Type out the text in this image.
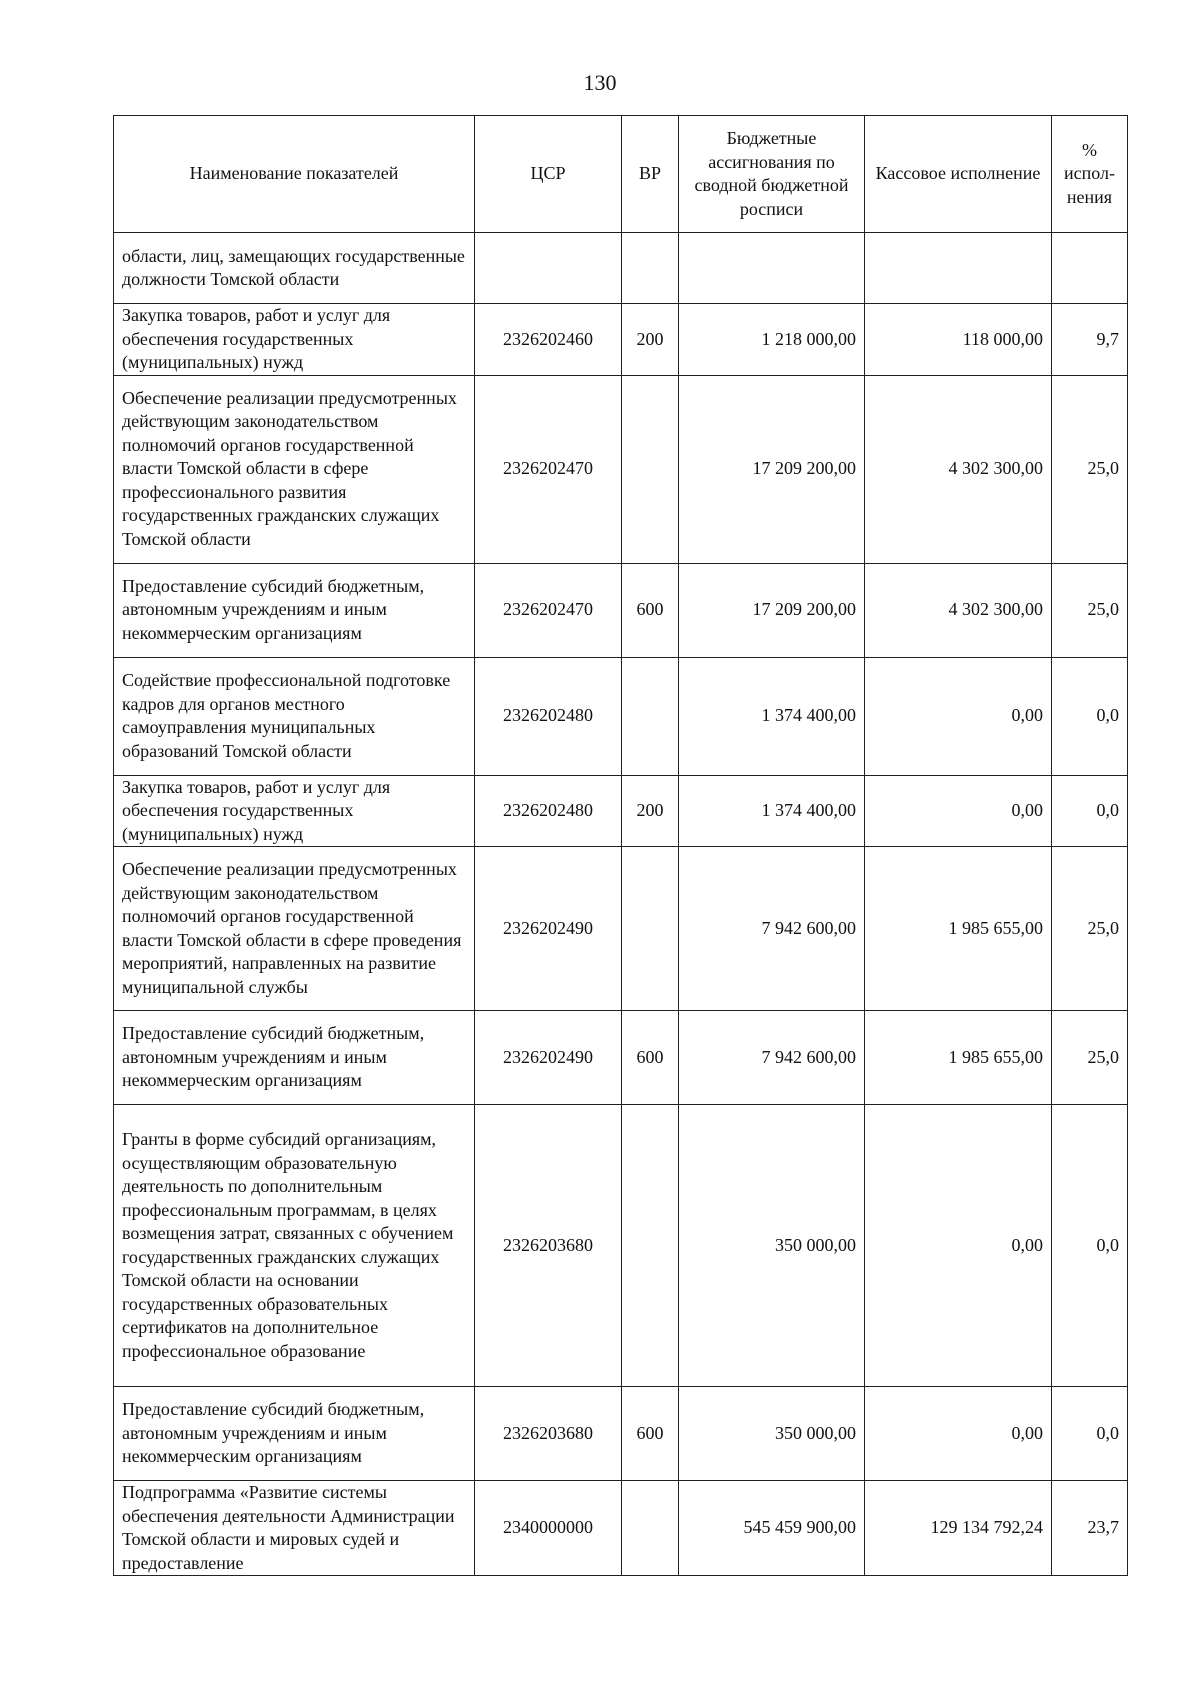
130
Наименование показателей	ЦСР	ВР	Бюджетные ассигнования по сводной бюджетной росписи	Кассовое исполнение	% испол-нения
области, лиц, замещающих государственные должности Томской области					
Закупка товаров, работ и услуг для обеспечения государственных (муниципальных) нужд	2326202460	200	1 218 000,00	118 000,00	9,7
Обеспечение реализации предусмотренных действующим законодательством полномочий органов государственной власти Томской области в сфере профессионального развития государственных гражданских служащих Томской области	2326202470		17 209 200,00	4 302 300,00	25,0
Предоставление субсидий бюджетным, автономным учреждениям и иным некоммерческим организациям	2326202470	600	17 209 200,00	4 302 300,00	25,0
Содействие профессиональной подготовке кадров для органов местного самоуправления муниципальных образований Томской области	2326202480		1 374 400,00	0,00	0,0
Закупка товаров, работ и услуг для обеспечения государственных (муниципальных) нужд	2326202480	200	1 374 400,00	0,00	0,0
Обеспечение реализации предусмотренных действующим законодательством полномочий органов государственной власти Томской области в сфере проведения мероприятий, направленных на развитие муниципальной службы	2326202490		7 942 600,00	1 985 655,00	25,0
Предоставление субсидий бюджетным, автономным учреждениям и иным некоммерческим организациям	2326202490	600	7 942 600,00	1 985 655,00	25,0
Гранты в форме субсидий организациям, осуществляющим образовательную деятельность по дополнительным профессиональным программам, в целях возмещения затрат, связанных с обучением государственных гражданских служащих Томской области на основании государственных образовательных сертификатов на дополнительное профессиональное образование	2326203680		350 000,00	0,00	0,0
Предоставление субсидий бюджетным, автономным учреждениям и иным некоммерческим организациям	2326203680	600	350 000,00	0,00	0,0
Подпрограмма «Развитие системы обеспечения деятельности Администрации Томской области и мировых судей и предоставление	2340000000		545 459 900,00	129 134 792,24	23,7
